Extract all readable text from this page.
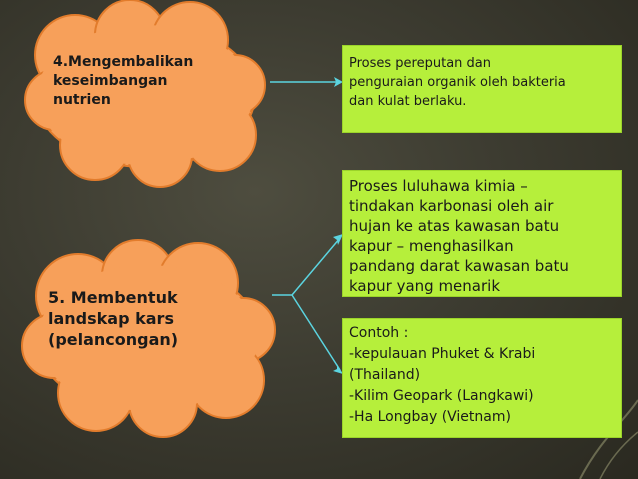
4.Mengembalikan
keseimbangan
nutrien
5. Membentuk
landskap kars
(pelancongan)
Proses pereputan dan
penguraian organik oleh bakteria
dan kulat berlaku.
Proses luluhawa kimia –
tindakan karbonasi oleh air
hujan ke atas kawasan batu
kapur – menghasilkan
pandang darat kawasan batu
kapur yang menarik
Contoh :
-kepulauan Phuket & Krabi
(Thailand)
-Kilim Geopark (Langkawi)
-Ha Longbay (Vietnam)
